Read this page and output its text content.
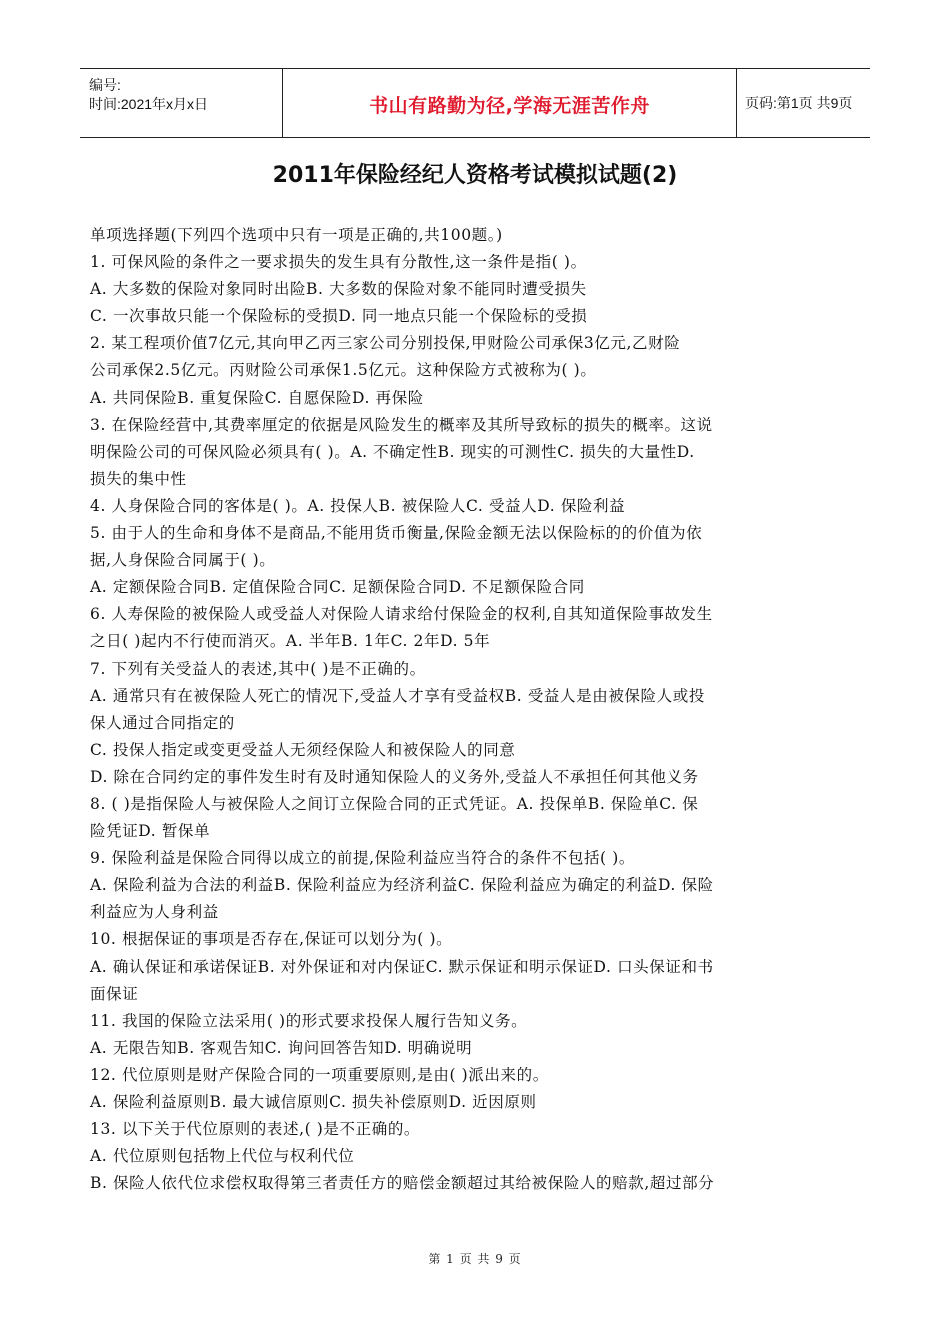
编号:
时间:2021年x月x日	书山有路勤为径,学海无涯苦作舟	页码:第1页 共9页
2011年保险经纪人资格考试模拟试题(2)
单项选择题(下列四个选项中只有一项是正确的,共100题。)
1. 可保风险的条件之一要求损失的发生具有分散性,这一条件是指( )。
A. 大多数的保险对象同时出险B. 大多数的保险对象不能同时遭受损失
C. 一次事故只能一个保险标的受损D. 同一地点只能一个保险标的受损
2. 某工程项价值7亿元,其向甲乙丙三家公司分别投保,甲财险公司承保3亿元,乙财险
公司承保2.5亿元。丙财险公司承保1.5亿元。这种保险方式被称为( )。
A. 共同保险B. 重复保险C. 自愿保险D. 再保险
3. 在保险经营中,其费率厘定的依据是风险发生的概率及其所导致标的损失的概率。这说
明保险公司的可保风险必须具有( )。A. 不确定性B. 现实的可测性C. 损失的大量性D.
损失的集中性
4. 人身保险合同的客体是( )。A. 投保人B. 被保险人C. 受益人D. 保险利益
5. 由于人的生命和身体不是商品,不能用货币衡量,保险金额无法以保险标的的价值为依
据,人身保险合同属于( )。
A. 定额保险合同B. 定值保险合同C. 足额保险合同D. 不足额保险合同
6. 人寿保险的被保险人或受益人对保险人请求给付保险金的权利,自其知道保险事故发生
之日( )起内不行使而消灭。A. 半年B. 1年C. 2年D. 5年
7. 下列有关受益人的表述,其中( )是不正确的。
A. 通常只有在被保险人死亡的情况下,受益人才享有受益权B. 受益人是由被保险人或投
保人通过合同指定的
C. 投保人指定或变更受益人无须经保险人和被保险人的同意
D. 除在合同约定的事件发生时有及时通知保险人的义务外,受益人不承担任何其他义务
8. ( )是指保险人与被保险人之间订立保险合同的正式凭证。A. 投保单B. 保险单C. 保
险凭证D. 暂保单
9. 保险利益是保险合同得以成立的前提,保险利益应当符合的条件不包括( )。
A. 保险利益为合法的利益B. 保险利益应为经济利益C. 保险利益应为确定的利益D. 保险
利益应为人身利益
10. 根据保证的事项是否存在,保证可以划分为( )。
A. 确认保证和承诺保证B. 对外保证和对内保证C. 默示保证和明示保证D. 口头保证和书
面保证
11. 我国的保险立法采用( )的形式要求投保人履行告知义务。
A. 无限告知B. 客观告知C. 询问回答告知D. 明确说明
12. 代位原则是财产保险合同的一项重要原则,是由( )派出来的。
A. 保险利益原则B. 最大诚信原则C. 损失补偿原则D. 近因原则
13. 以下关于代位原则的表述,( )是不正确的。
A. 代位原则包括物上代位与权利代位
B. 保险人依代位求偿权取得第三者责任方的赔偿金额超过其给被保险人的赔款,超过部分
第 1 页 共 9 页
